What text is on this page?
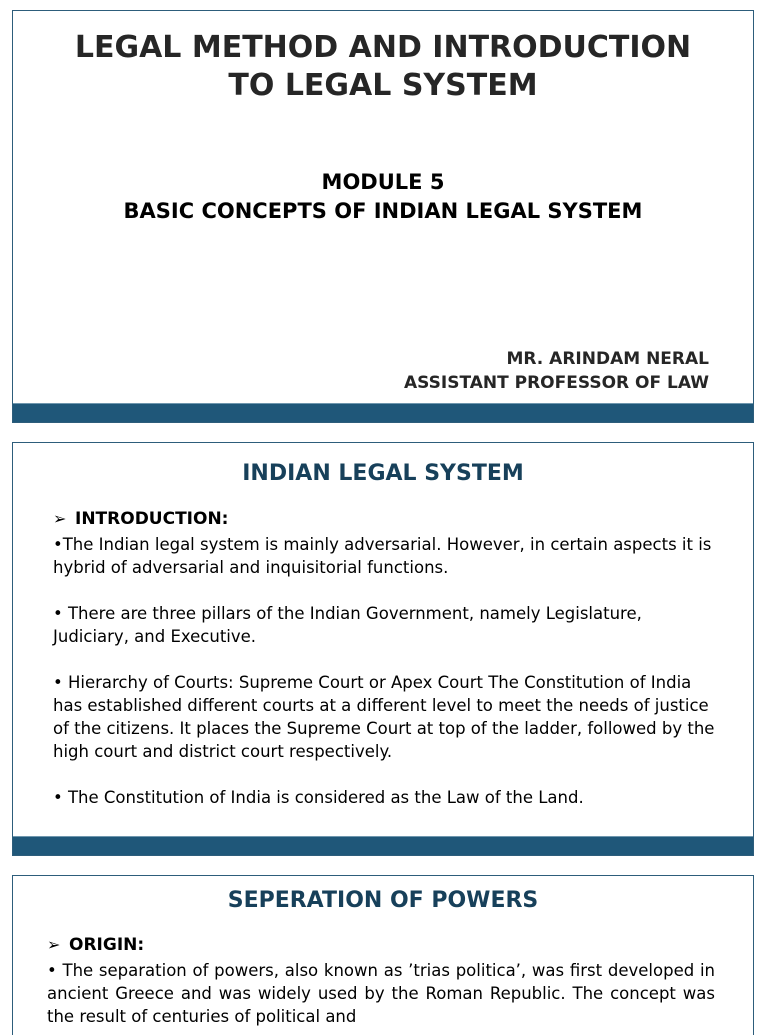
LEGAL METHOD AND INTRODUCTION
TO LEGAL SYSTEM
MODULE 5
BASIC CONCEPTS OF INDIAN LEGAL SYSTEM
MR. ARINDAM NERAL
ASSISTANT PROFESSOR OF LAW
INDIAN LEGAL SYSTEM
➢ INTRODUCTION:

•The Indian legal system is mainly adversarial. However, in certain aspects it is hybrid of adversarial and inquisitorial functions.

• There are three pillars of the Indian Government, namely Legislature, Judiciary, and Executive.

• Hierarchy of Courts: Supreme Court or Apex Court The Constitution of India has established different courts at a different level to meet the needs of justice of the citizens. It places the Supreme Court at top of the ladder, followed by the high court and district court respectively.

• The Constitution of India is considered as the Law of the Land.

SEPERATION OF POWERS
➢ ORIGIN:

• The separation of powers, also known as ’trias politica’, was first developed in ancient Greece and was widely used by the Roman Republic. The concept was the result of centuries of political and
